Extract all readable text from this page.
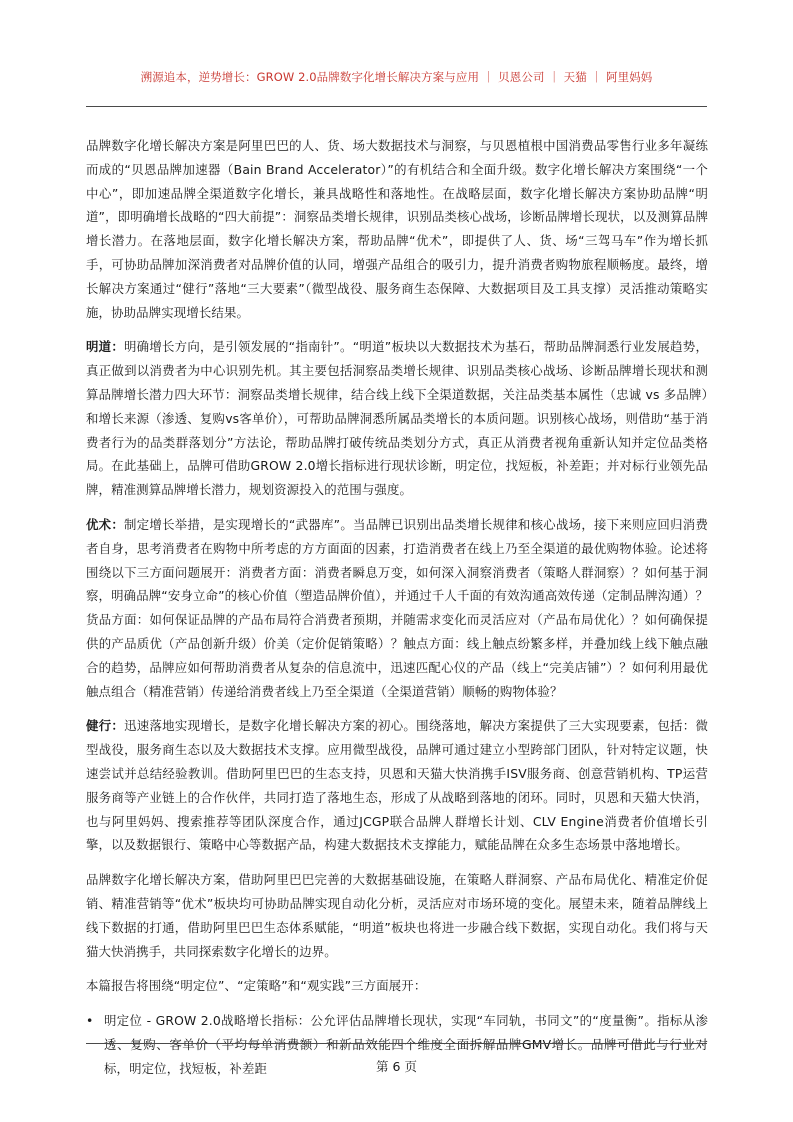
溯源追本，逆势增长：GROW 2.0品牌数字化增长解决方案与应用 ｜ 贝恩公司 ｜ 天猫 ｜ 阿里妈妈

品牌数字化增长解决方案是阿里巴巴的人、货、场大数据技术与洞察，与贝恩植根中国消费品零售行业多年凝练而成的“贝恩品牌加速器（Bain Brand Accelerator）”的有机结合和全面升级。数字化增长解决方案围绕“一个中心”，即加速品牌全渠道数字化增长，兼具战略性和落地性。在战略层面，数字化增长解决方案协助品牌“明道”，即明确增长战略的“四大前提”：洞察品类增长规律，识别品类核心战场，诊断品牌增长现状，以及测算品牌增长潜力。在落地层面，数字化增长解决方案，帮助品牌“优术”，即提供了人、货、场“三驾马车”作为增长抓手，可协助品牌加深消费者对品牌价值的认同，增强产品组合的吸引力，提升消费者购物旅程顺畅度。最终，增长解决方案通过“健行”落地“三大要素”（微型战役、服务商生态保障、大数据项目及工具支撑）灵活推动策略实施，协助品牌实现增长结果。

明道：明确增长方向，是引领发展的“指南针”。“明道”板块以大数据技术为基石，帮助品牌洞悉行业发展趋势，真正做到以消费者为中心识别先机。其主要包括洞察品类增长规律、识别品类核心战场、诊断品牌增长现状和测算品牌增长潜力四大环节：洞察品类增长规律，结合线上线下全渠道数据，关注品类基本属性（忠诚 vs 多品牌）和增长来源（渗透、复购vs客单价），可帮助品牌洞悉所属品类增长的本质问题。识别核心战场，则借助“基于消费者行为的品类群落划分”方法论，帮助品牌打破传统品类划分方式，真正从消费者视角重新认知并定位品类格局。在此基础上，品牌可借助GROW 2.0增长指标进行现状诊断，明定位，找短板，补差距；并对标行业领先品牌，精准测算品牌增长潜力，规划资源投入的范围与强度。

优术：制定增长举措，是实现增长的“武器库”。当品牌已识别出品类增长规律和核心战场，接下来则应回归消费者自身，思考消费者在购物中所考虑的方方面面的因素，打造消费者在线上乃至全渠道的最优购物体验。论述将围绕以下三方面问题展开：消费者方面：消费者瞬息万变，如何深入洞察消费者（策略人群洞察）？如何基于洞察，明确品牌“安身立命”的核心价值（塑造品牌价值），并通过千人千面的有效沟通高效传递（定制品牌沟通）？货品方面：如何保证品牌的产品布局符合消费者预期，并随需求变化而灵活应对（产品布局优化）？如何确保提供的产品质优（产品创新升级）价美（定价促销策略）？触点方面：线上触点纷繁多样，并叠加线上线下触点融合的趋势，品牌应如何帮助消费者从复杂的信息流中，迅速匹配心仪的产品（线上“完美店铺”）？如何利用最优触点组合（精准营销）传递给消费者线上乃至全渠道（全渠道营销）顺畅的购物体验？

健行：迅速落地实现增长，是数字化增长解决方案的初心。围绕落地，解决方案提供了三大实现要素，包括：微型战役，服务商生态以及大数据技术支撑。应用微型战役，品牌可通过建立小型跨部门团队，针对特定议题，快速尝试并总结经验教训。借助阿里巴巴的生态支持，贝恩和天猫大快消携手ISV服务商、创意营销机构、TP运营服务商等产业链上的合作伙伴，共同打造了落地生态，形成了从战略到落地的闭环。同时，贝恩和天猫大快消，也与阿里妈妈、搜索推荐等团队深度合作，通过JCGP联合品牌人群增长计划、CLV Engine消费者价值增长引擎，以及数据银行、策略中心等数据产品，构建大数据技术支撑能力，赋能品牌在众多生态场景中落地增长。

品牌数字化增长解决方案，借助阿里巴巴完善的大数据基础设施，在策略人群洞察、产品布局优化、精准定价促销、精准营销等“优术”板块均可协助品牌实现自动化分析，灵活应对市场环境的变化。展望未来，随着品牌线上线下数据的打通，借助阿里巴巴生态体系赋能，“明道”板块也将进一步融合线下数据，实现自动化。我们将与天猫大快消携手，共同探索数字化增长的边界。

本篇报告将围绕“明定位”、“定策略”和“观实践”三方面展开：

• 明定位 - GROW 2.0战略增长指标：公允评估品牌增长现状，实现“车同轨，书同文”的“度量衡”。指标从渗透、复购、客单价（平均每单消费额）和新品效能四个维度全面拆解品牌GMV增长。品牌可借此与行业对标，明定位，找短板，补差距	第 6 页
